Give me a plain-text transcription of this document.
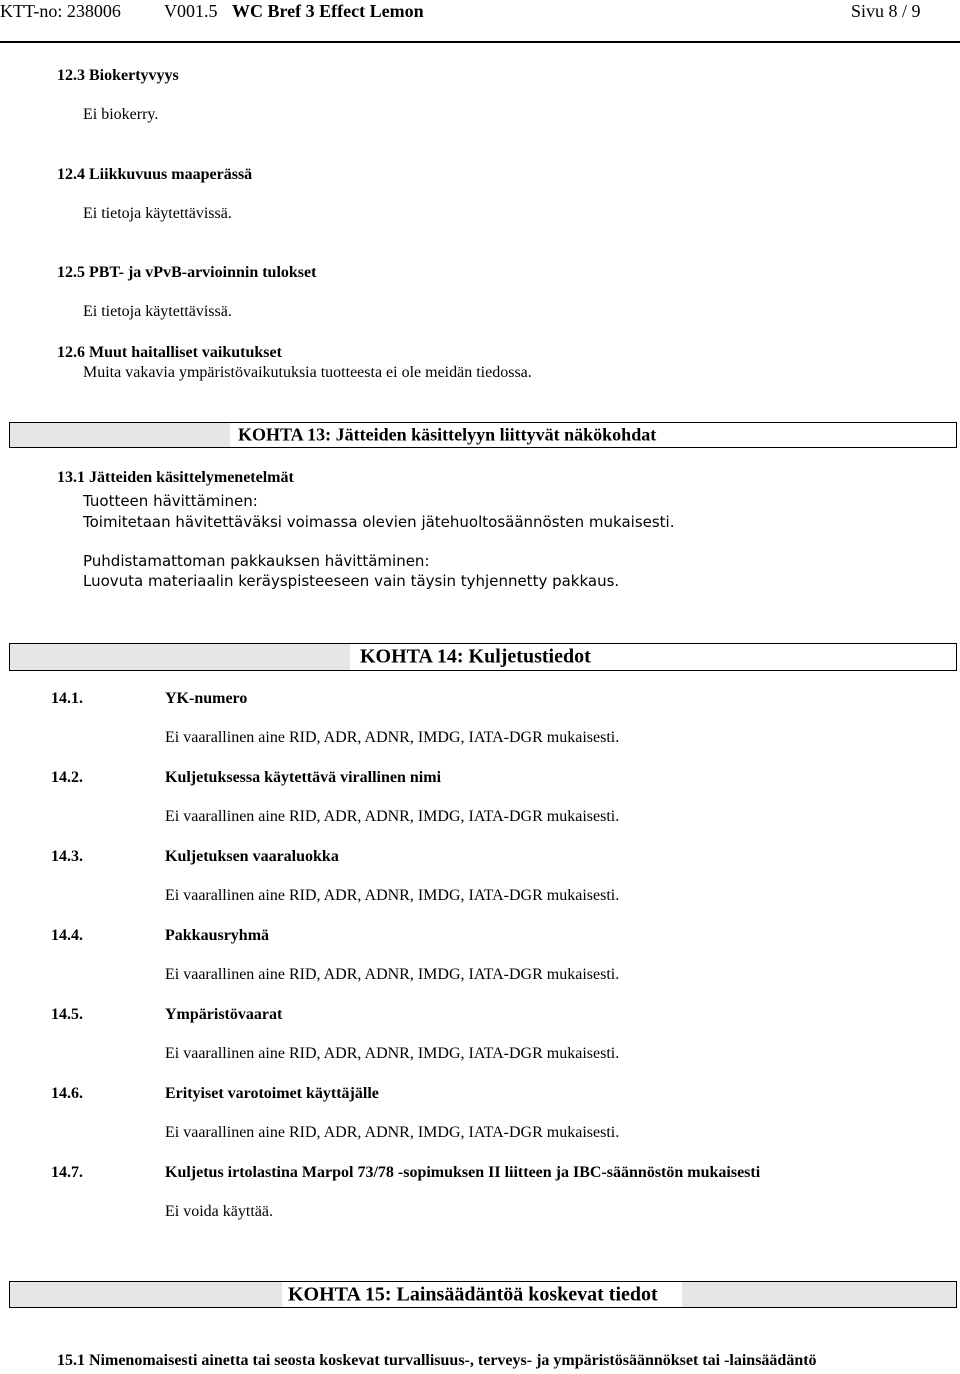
KTT-no: 238006 V001.5 WC Bref 3 Effect Lemon	Sivu 8 / 9
12.3 Biokertyvyys
Ei biokerry.
12.4 Liikkuvuus maaperässä
Ei tietoja käytettävissä.
12.5 PBT- ja vPvB-arvioinnin tulokset
Ei tietoja käytettävissä.
12.6 Muut haitalliset vaikutukset
Muita vakavia ympäristövaikutuksia tuotteesta ei ole meidän tiedossa.
KOHTA 13: Jätteiden käsittelyyn liittyvät näkökohdat
13.1 Jätteiden käsittelymenetelmät
Tuotteen hävittäminen:
Toimitetaan hävitettäväksi voimassa olevien jätehuoltosäännösten mukaisesti.
Puhdistamattoman pakkauksen hävittäminen:
Luovuta materiaalin keräyspisteeseen vain täysin tyhjennetty pakkaus.
KOHTA 14: Kuljetustiedot
14.1.	YK-numero
Ei vaarallinen aine RID, ADR, ADNR, IMDG, IATA-DGR mukaisesti.
14.2.	Kuljetuksessa käytettävä virallinen nimi
Ei vaarallinen aine RID, ADR, ADNR, IMDG, IATA-DGR mukaisesti.
14.3.	Kuljetuksen vaaraluokka
Ei vaarallinen aine RID, ADR, ADNR, IMDG, IATA-DGR mukaisesti.
14.4.	Pakkausryhmä
Ei vaarallinen aine RID, ADR, ADNR, IMDG, IATA-DGR mukaisesti.
14.5.	Ympäristövaarat
Ei vaarallinen aine RID, ADR, ADNR, IMDG, IATA-DGR mukaisesti.
14.6.	Erityiset varotoimet käyttäjälle
Ei vaarallinen aine RID, ADR, ADNR, IMDG, IATA-DGR mukaisesti.
14.7.	Kuljetus irtolastina Marpol 73/78 -sopimuksen II liitteen ja IBC-säännöstön mukaisesti
Ei voida käyttää.
KOHTA 15: Lainsäädäntöä koskevat tiedot
15.1 Nimenomaisesti ainetta tai seosta koskevat turvallisuus-, terveys- ja ympäristösäännökset tai -lainsäädäntö
